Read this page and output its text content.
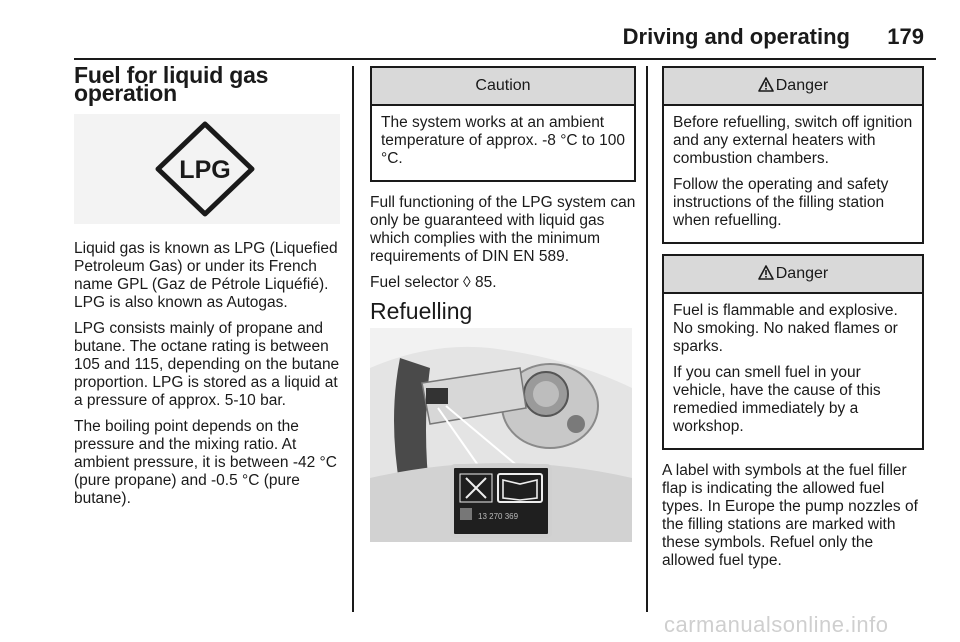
Driving and operating 179
Fuel for liquid gas operation
LPG

Liquid gas is known as LPG (Liquefied Petroleum Gas) or under its French name GPL (Gaz de Pétrole Liquéfié). LPG is also known as Autogas.

LPG consists mainly of propane and butane. The octane rating is between 105 and 115, depending on the butane proportion. LPG is stored as a liquid at a pressure of approx. 5-10 bar.

The boiling point depends on the pressure and the mixing ratio. At ambient pressure, it is between -42 °C (pure propane) and -0.5 °C (pure butane).

Caution

The system works at an ambient temperature of approx. -8 °C to 100 °C.

Full functioning of the LPG system can only be guaranteed with liquid gas which complies with the minimum requirements of DIN EN 589.

Fuel selector ◊ 85.

Refuelling
13 270 369
Danger

Before refuelling, switch off ignition and any external heaters with combustion chambers.

Follow the operating and safety instructions of the filling station when refuelling.

Danger

Fuel is flammable and explosive. No smoking. No naked flames or sparks.

If you can smell fuel in your vehicle, have the cause of this remedied immediately by a workshop.

A label with symbols at the fuel filler flap is indicating the allowed fuel types. In Europe the pump nozzles of the filling stations are marked with these symbols. Refuel only the allowed fuel type.

carmanualsonline.info
